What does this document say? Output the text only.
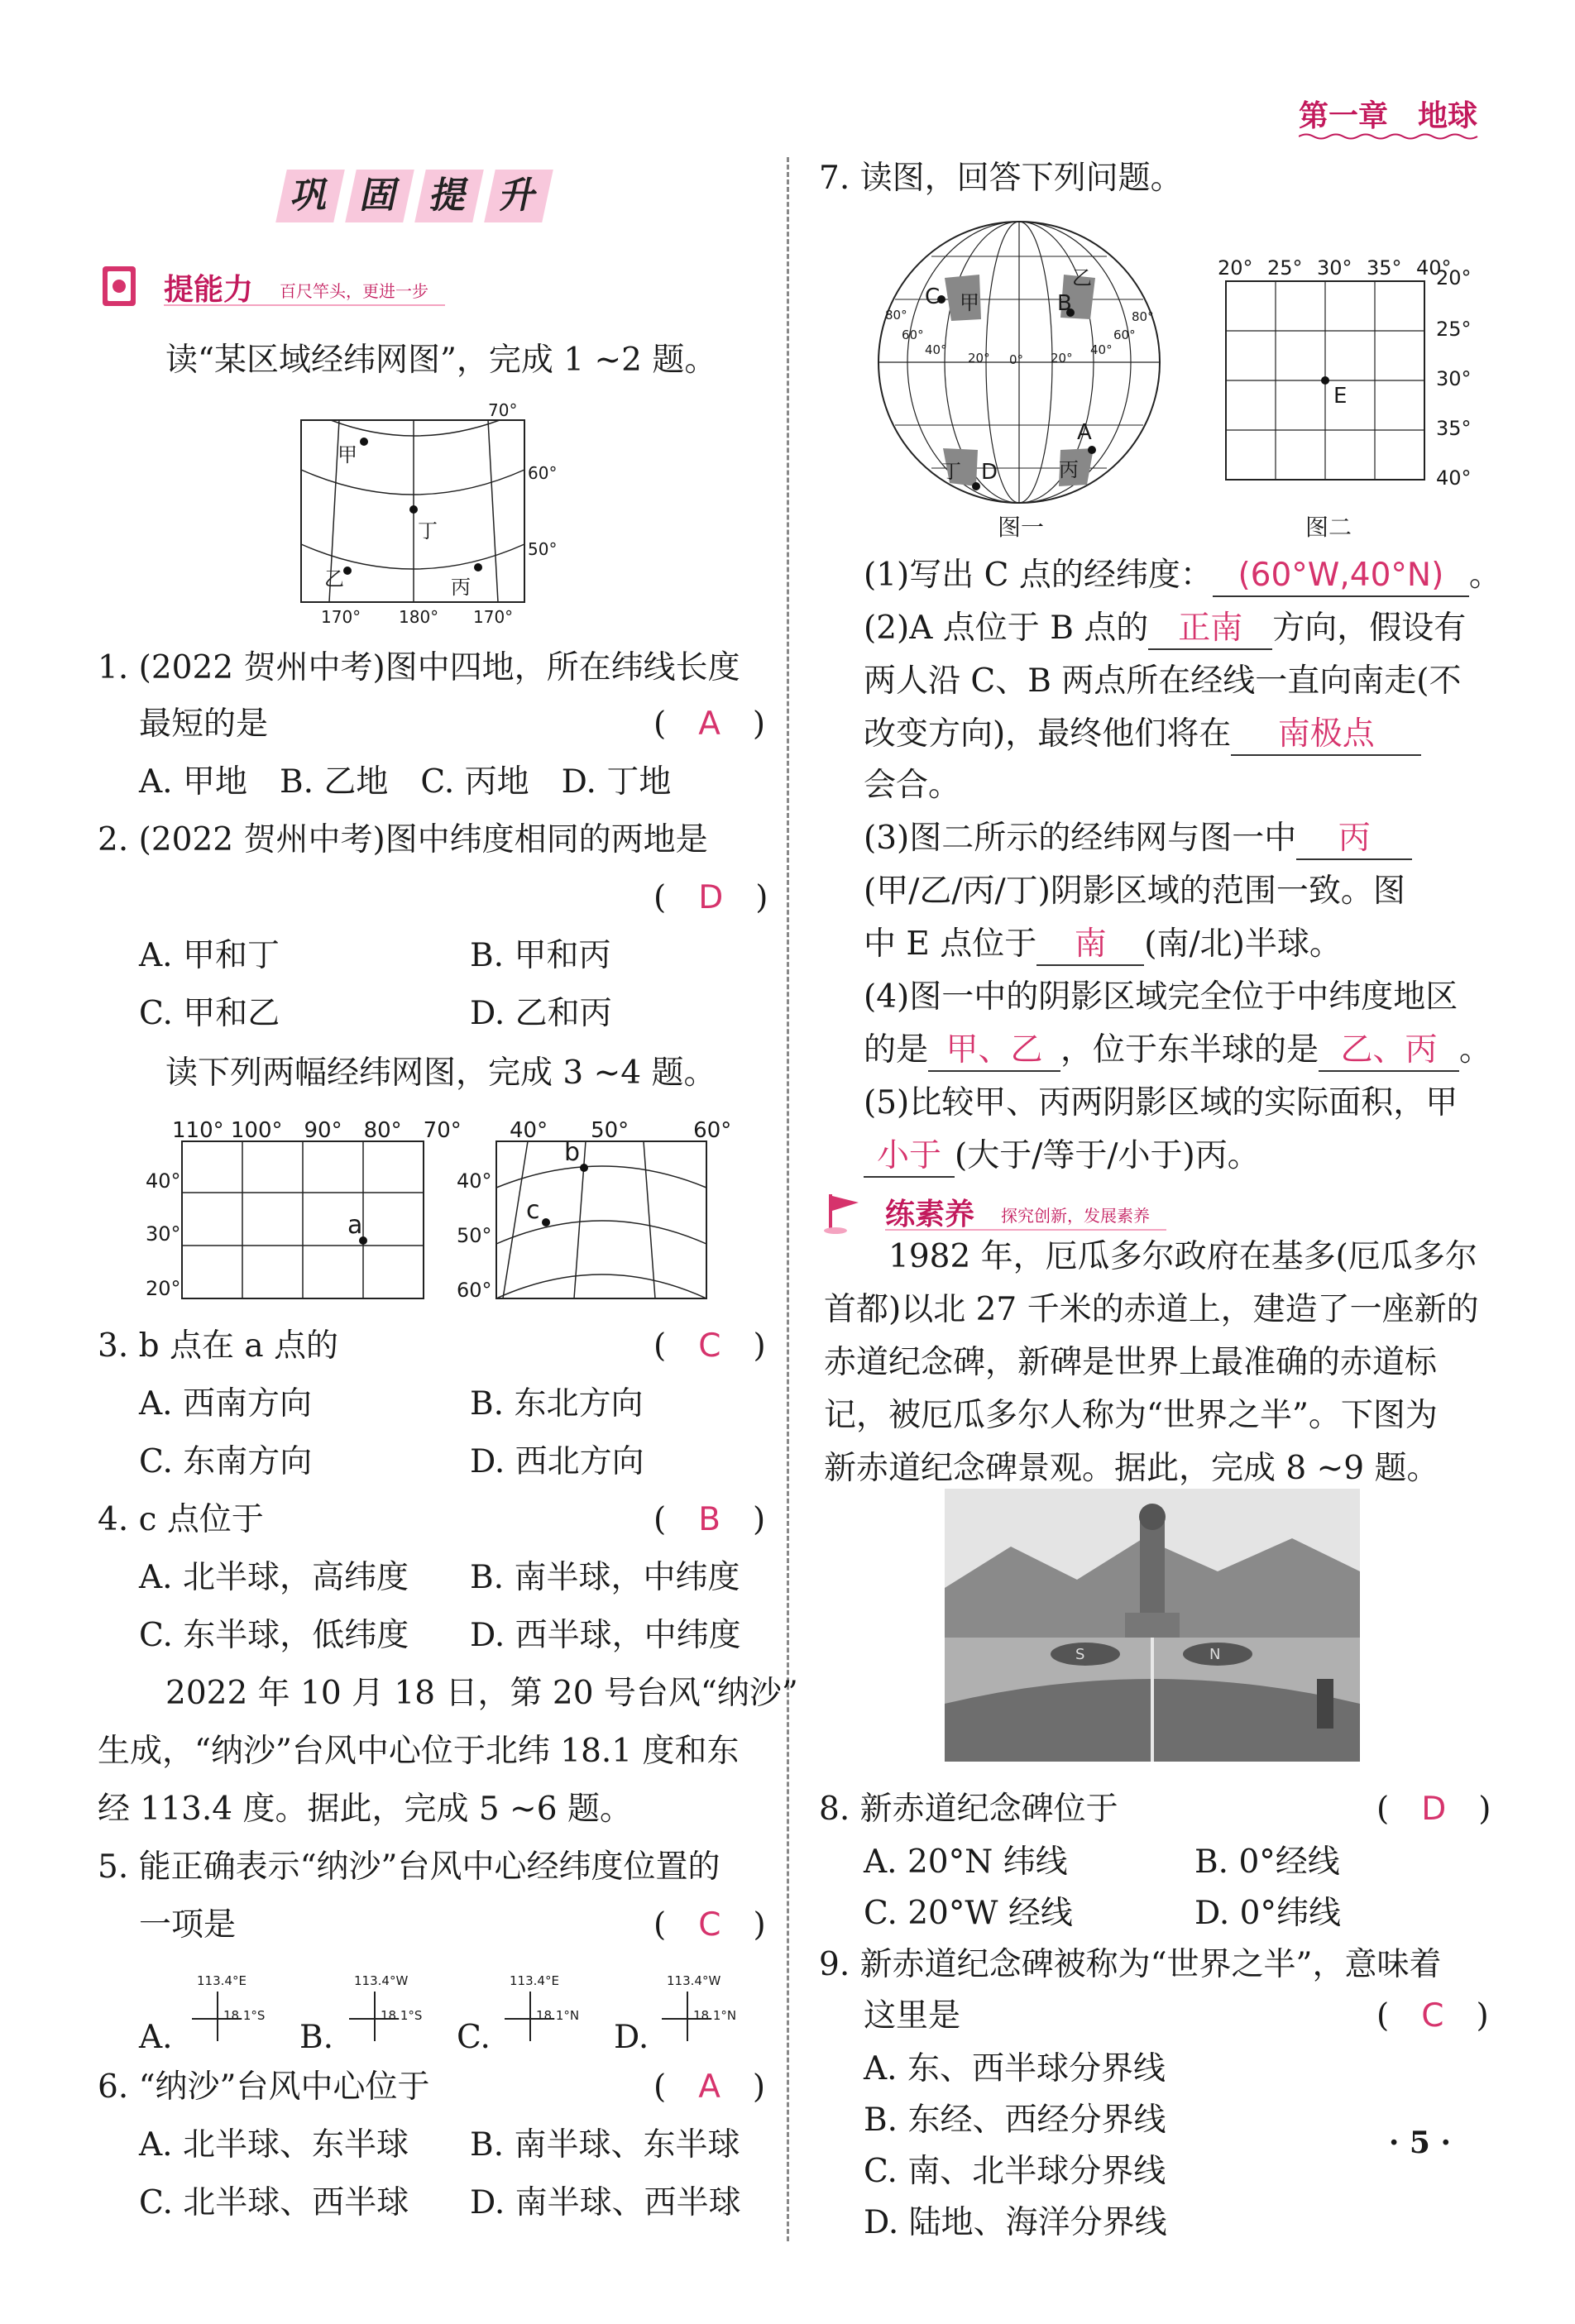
第一章　地球
巩 固 提 升
提能力 百尺竿头，更进一步
读“某区域经纬网图”，完成 1 ~2 题。
甲
丁
乙	丙
70°
60°
50°
170° 180° 170°
1. (2022 贺州中考)图中四地，所在纬线长度
最短的是	(　A　)
A. 甲地　B. 乙地　C. 丙地　D. 丁地
2. (2022 贺州中考)图中纬度相同的两地是
(　D　)
A. 甲和丁	B. 甲和丙
C. 甲和乙	D. 乙和丙
读下列两幅经纬网图，完成 3 ~4 题。
110° 100°　90°　80°　70°
40°
30°
20°
a
40°　　50°　　　60°
b
c
40°
50°
60°
3. b 点在 a 点的	(　C　)
A. 西南方向	B. 东北方向
C. 东南方向	D. 西北方向
4. c 点位于	(　B　)
A. 北半球，高纬度 B. 南半球，中纬度
C. 东半球，低纬度 D. 西半球，中纬度
2022 年 10 月 18 日，第 20 号台风“纳沙”
生成，“纳沙”台风中心位于北纬 18.1 度和东
经 113.4 度。据此，完成 5 ~6 题。
5. 能正确表示“纳沙”台风中心经纬度位置的
一项是	(　C　)
A.
113.4°E
18.1°S
B.
113.4°W
18.1°S
C.
113.4°E
18.1°N
D.
113.4°W
18.1°N
6. “纳沙”台风中心位于	(　A　)
A. 北半球、东半球 B. 南半球、东半球
C. 北半球、西半球 D. 南半球、西半球
7. 读图，回答下列问题。
C 甲	B
乙
A
丙
丁 D
80°
60°
40°
20° 0° 20°
40°
60°
80°
图一
20° 25° 30° 35° 40°
20°
25°
30°
35°
40°
E
图二
(1)写出 C 点的经纬度： (60°W,40°N) 。
(2)A 点位于 B 点的 正南 方向，假设有
两人沿 C、B 两点所在经线一直向南走(不
改变方向)，最终他们将在 南极点
会合。
(3)图二所示的经纬网与图一中 丙
(甲/乙/丙/丁)阴影区域的范围一致。图
中 E 点位于 南 (南/北)半球。
(4)图一中的阴影区域完全位于中纬度地区
的是 甲、乙 ，位于东半球的是 乙、丙 。
(5)比较甲、丙两阴影区域的实际面积，甲
小于 (大于/等于/小于)丙。
练素养 探究创新，发展素养
1982 年，厄瓜多尔政府在基多(厄瓜多尔
首都)以北 27 千米的赤道上，建造了一座新的
赤道纪念碑，新碑是世界上最准确的赤道标
记，被厄瓜多尔人称为“世界之半”。下图为
新赤道纪念碑景观。据此，完成 8 ~9 题。
S	N
8. 新赤道纪念碑位于	(　D　)
A. 20°N 纬线	B. 0°经线
C. 20°W 经线	D. 0°纬线
9. 新赤道纪念碑被称为“世界之半”，意味着
这里是	(　C　)
A. 东、西半球分界线
B. 东经、西经分界线
C. 南、北半球分界线
D. 陆地、海洋分界线
· 5 ·
